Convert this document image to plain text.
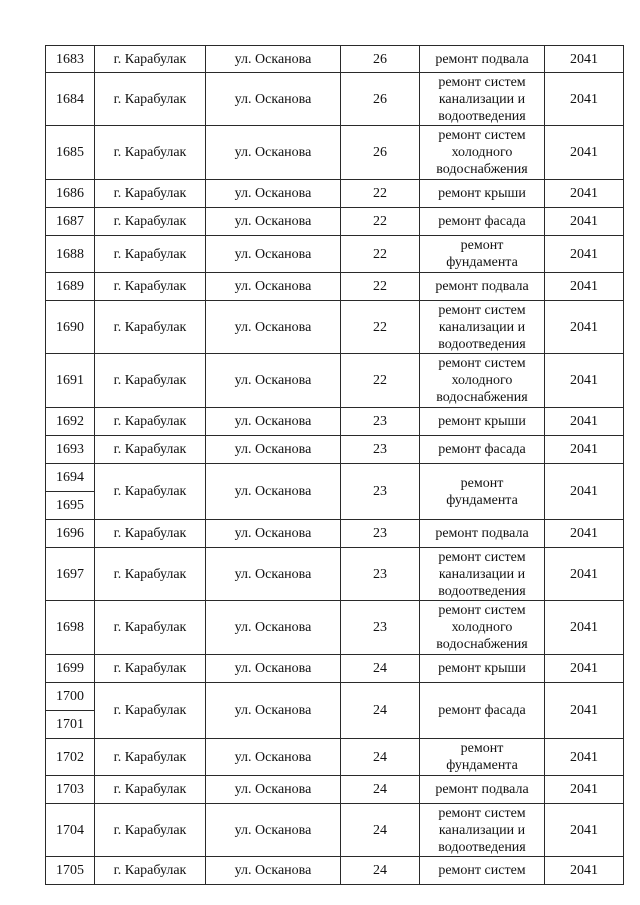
1683	г. Карабулак	ул. Осканова	26	ремонт подвала	2041
1684	г. Карабулак	ул. Осканова	26	ремонт систем
канализации и
водоотведения	2041
1685	г. Карабулак	ул. Осканова	26	ремонт систем
холодного
водоснабжения	2041
1686	г. Карабулак	ул. Осканова	22	ремонт крыши	2041
1687	г. Карабулак	ул. Осканова	22	ремонт фасада	2041
1688	г. Карабулак	ул. Осканова	22	ремонт
фундамента	2041
1689	г. Карабулак	ул. Осканова	22	ремонт подвала	2041
1690	г. Карабулак	ул. Осканова	22	ремонт систем
канализации и
водоотведения	2041
1691	г. Карабулак	ул. Осканова	22	ремонт систем
холодного
водоснабжения	2041
1692	г. Карабулак	ул. Осканова	23	ремонт крыши	2041
1693	г. Карабулак	ул. Осканова	23	ремонт фасада	2041
1694	г. Карабулак	ул. Осканова	23	ремонт
фундамента	2041
1695					
1696	г. Карабулак	ул. Осканова	23	ремонт подвала	2041
1697	г. Карабулак	ул. Осканова	23	ремонт систем
канализации и
водоотведения	2041
1698	г. Карабулак	ул. Осканова	23	ремонт систем
холодного
водоснабжения	2041
1699	г. Карабулак	ул. Осканова	24	ремонт крыши	2041
1700	г. Карабулак	ул. Осканова	24	ремонт фасада	2041
1701					
1702	г. Карабулак	ул. Осканова	24	ремонт
фундамента	2041
1703	г. Карабулак	ул. Осканова	24	ремонт подвала	2041
1704	г. Карабулак	ул. Осканова	24	ремонт систем
канализации и
водоотведения	2041
1705	г. Карабулак	ул. Осканова	24	ремонт систем	2041
